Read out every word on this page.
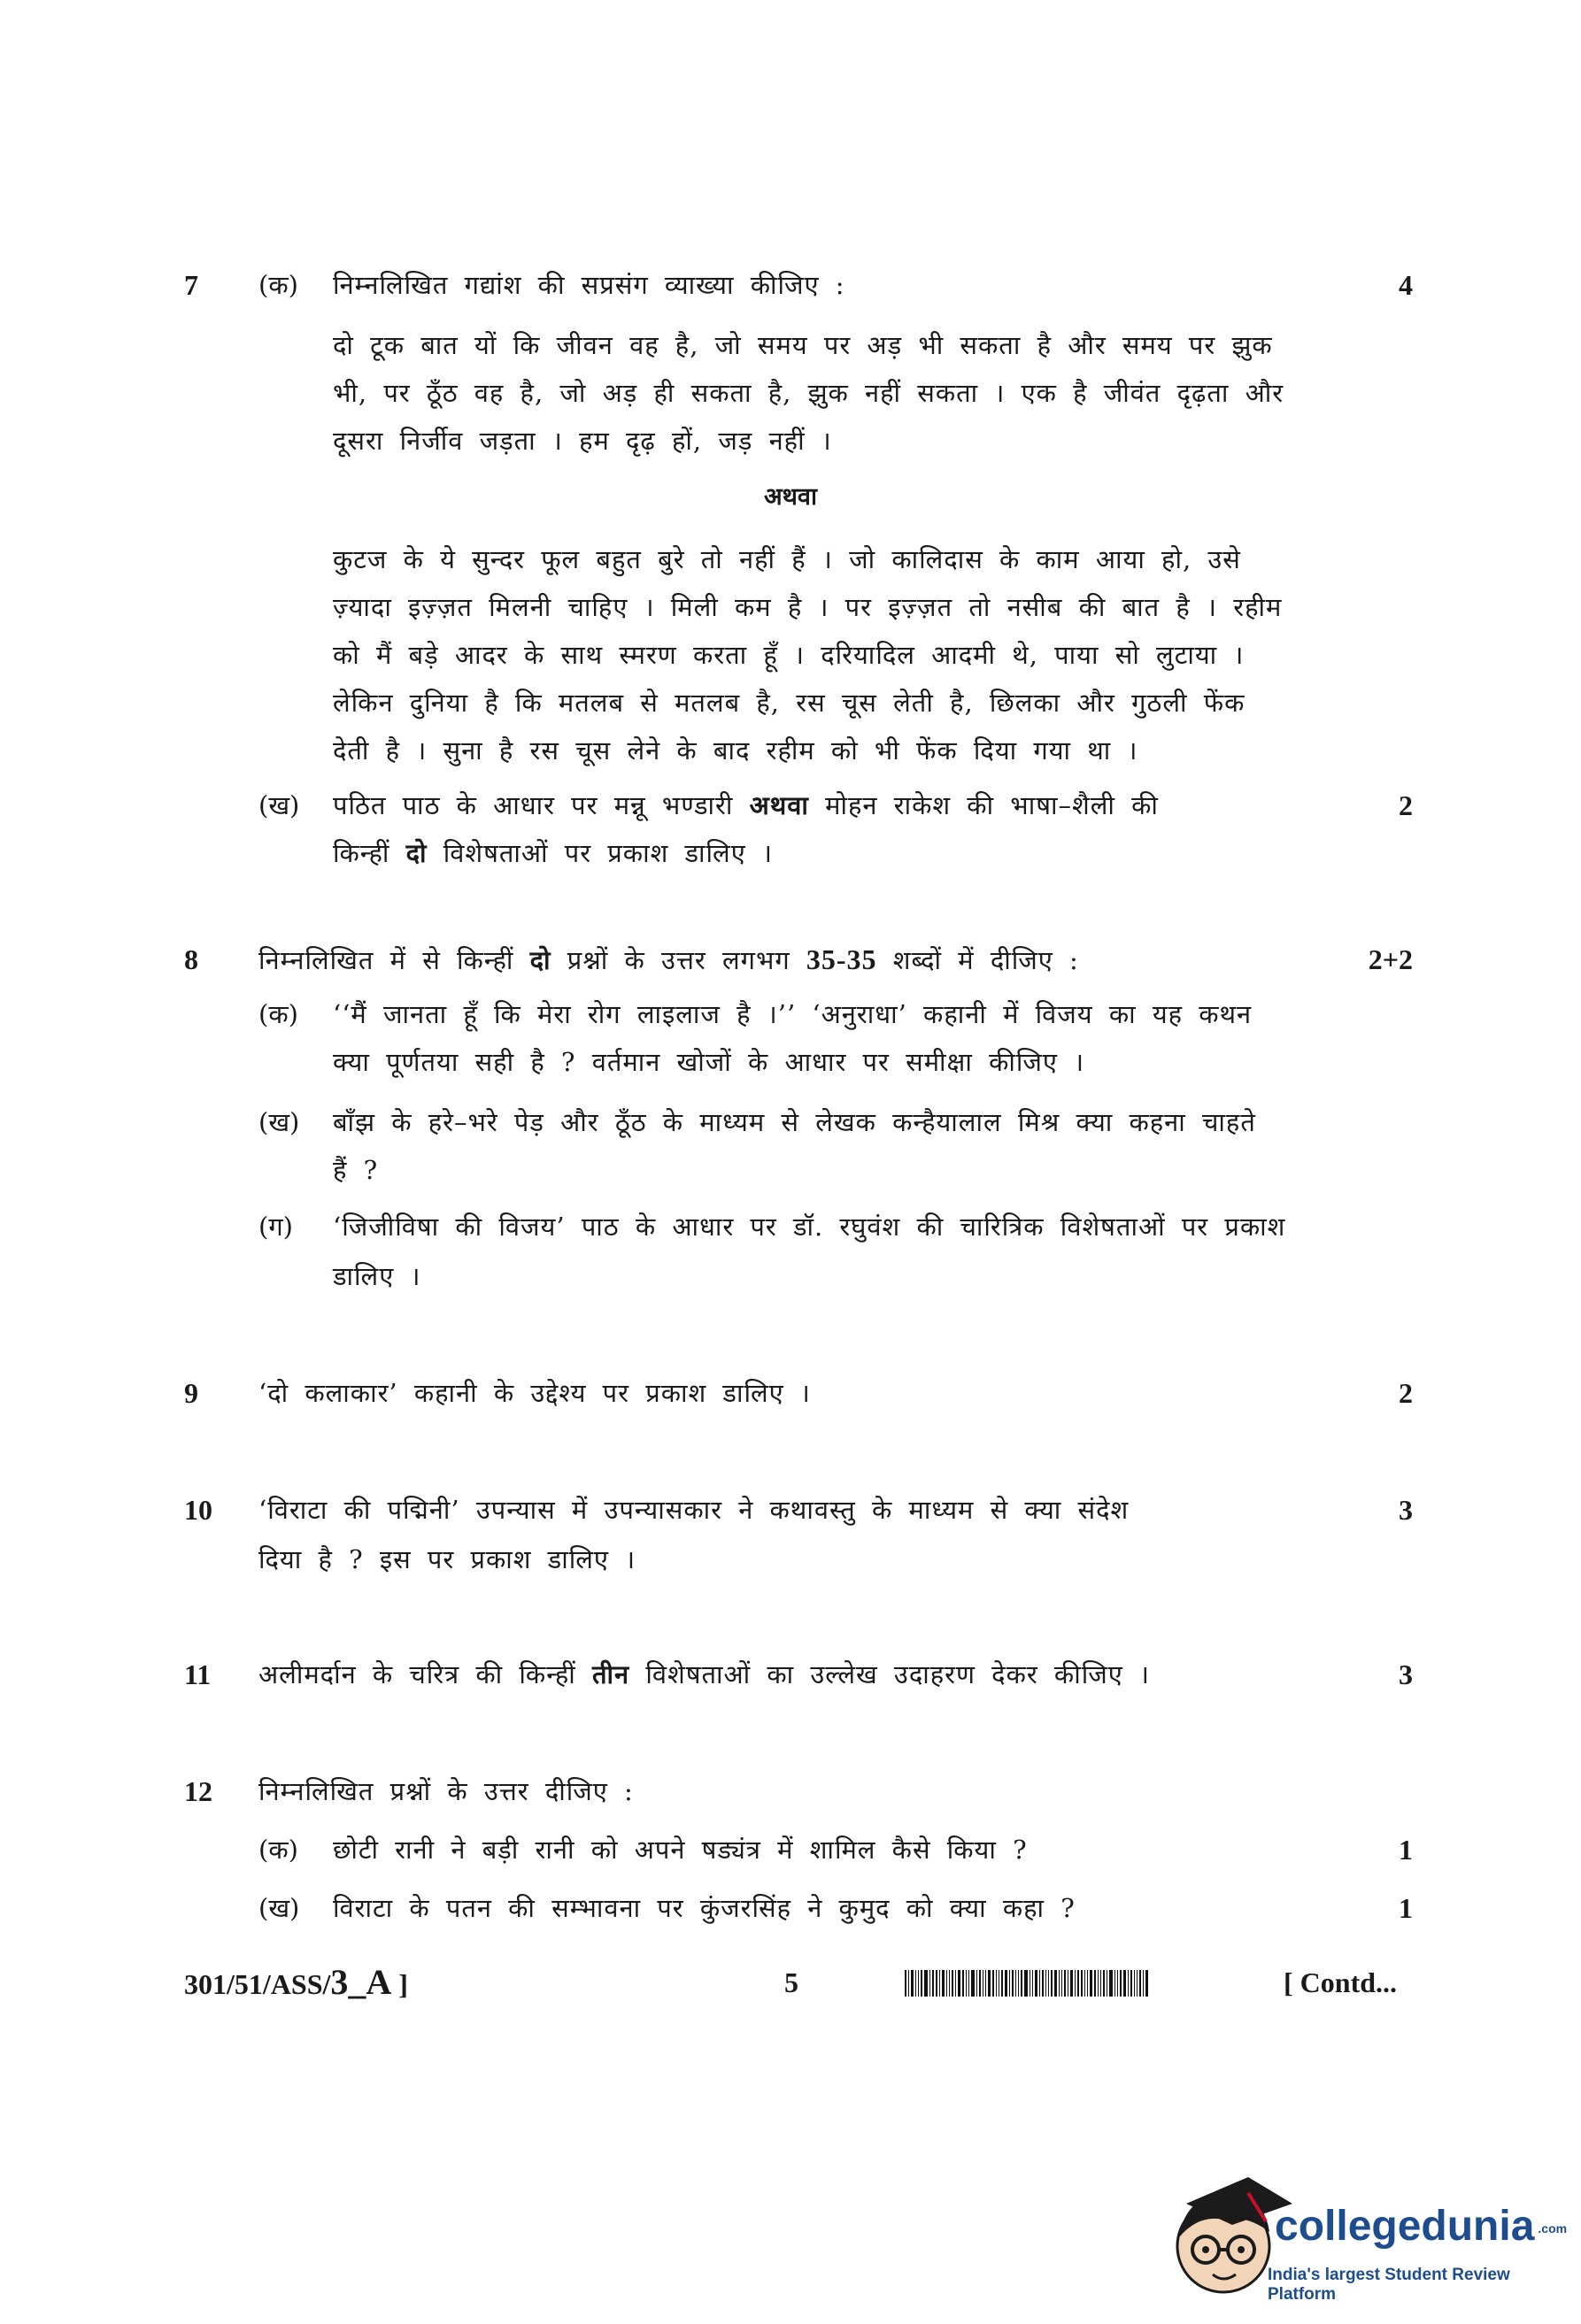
7 (क) निम्नलिखित गद्यांश की सप्रसंग व्याख्या कीजिए :	4
दो टूक बात यों कि जीवन वह है, जो समय पर अड़ भी सकता है और समय पर झुक
भी, पर ठूँठ वह है, जो अड़ ही सकता है, झुक नहीं सकता । एक है जीवंत दृढ़ता और
दूसरा निर्जीव जड़ता । हम दृढ़ हों, जड़ नहीं ।
अथवा
कुटज के ये सुन्दर फूल बहुत बुरे तो नहीं हैं । जो कालिदास के काम आया हो, उसे
ज़्यादा इज़्ज़त मिलनी चाहिए । मिली कम है । पर इज़्ज़त तो नसीब की बात है । रहीम
को मैं बड़े आदर के साथ स्मरण करता हूँ । दरियादिल आदमी थे, पाया सो लुटाया ।
लेकिन दुनिया है कि मतलब से मतलब है, रस चूस लेती है, छिलका और गुठली फेंक
देती है । सुना है रस चूस लेने के बाद रहीम को भी फेंक दिया गया था ।
(ख) पठित पाठ के आधार पर मन्नू भण्डारी अथवा मोहन राकेश की भाषा–शैली की	2
किन्हीं दो विशेषताओं पर प्रकाश डालिए ।
8 निम्नलिखित में से किन्हीं दो प्रश्नों के उत्तर लगभग 35-35 शब्दों में दीजिए :	2+2
(क) ‘‘मैं जानता हूँ कि मेरा रोग लाइलाज है ।’’ ‘अनुराधा’ कहानी में विजय का यह कथन
क्या पूर्णतया सही है ? वर्तमान खोजों के आधार पर समीक्षा कीजिए ।
(ख) बाँझ के हरे–भरे पेड़ और ठूँठ के माध्यम से लेखक कन्हैयालाल मिश्र क्या कहना चाहते
हैं ?
(ग) ‘जिजीविषा की विजय’ पाठ के आधार पर डॉ. रघुवंश की चारित्रिक विशेषताओं पर प्रकाश
डालिए ।
9 ‘दो कलाकार’ कहानी के उद्देश्य पर प्रकाश डालिए ।	2
10 ‘विराटा की पद्मिनी’ उपन्यास में उपन्यासकार ने कथावस्तु के माध्यम से क्या संदेश	3
दिया है ? इस पर प्रकाश डालिए ।
11 अलीमर्दान के चरित्र की किन्हीं तीन विशेषताओं का उल्लेख उदाहरण देकर कीजिए ।	3
12 निम्नलिखित प्रश्नों के उत्तर दीजिए :
(क) छोटी रानी ने बड़ी रानी को अपने षड्यंत्र में शामिल कैसे किया ?	1
(ख) विराटा के पतन की सम्भावना पर कुंजरसिंह ने कुमुद को क्या कहा ?	1
301/51/ASS/3_A ]	5	[ Contd...
collegedunia .com
India's largest Student Review Platform
